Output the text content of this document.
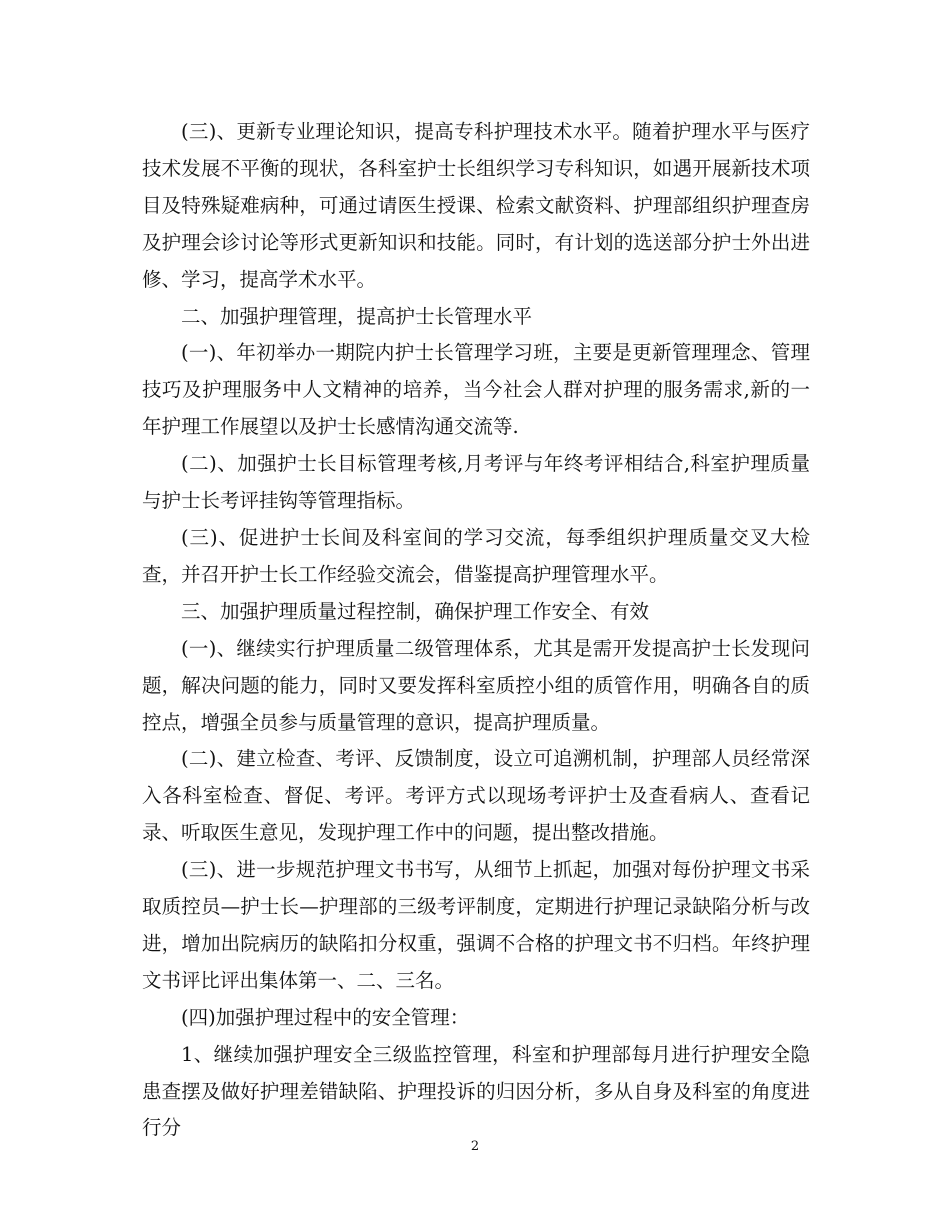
(三)、更新专业理论知识，提高专科护理技术水平。随着护理水平与医疗技术发展不平衡的现状，各科室护士长组织学习专科知识，如遇开展新技术项目及特殊疑难病种，可通过请医生授课、检索文献资料、护理部组织护理查房及护理会诊讨论等形式更新知识和技能。同时，有计划的选送部分护士外出进修、学习，提高学术水平。

二、加强护理管理，提高护士长管理水平

(一)、年初举办一期院内护士长管理学习班，主要是更新管理理念、管理技巧及护理服务中人文精神的培养，当今社会人群对护理的服务需求,新的一年护理工作展望以及护士长感情沟通交流等.

(二)、加强护士长目标管理考核,月考评与年终考评相结合,科室护理质量与护士长考评挂钩等管理指标。

(三)、促进护士长间及科室间的学习交流，每季组织护理质量交叉大检查，并召开护士长工作经验交流会，借鉴提高护理管理水平。

三、加强护理质量过程控制，确保护理工作安全、有效

(一)、继续实行护理质量二级管理体系，尤其是需开发提高护士长发现问题，解决问题的能力，同时又要发挥科室质控小组的质管作用，明确各自的质控点，增强全员参与质量管理的意识，提高护理质量。

(二)、建立检查、考评、反馈制度，设立可追溯机制，护理部人员经常深入各科室检查、督促、考评。考评方式以现场考评护士及查看病人、查看记录、听取医生意见，发现护理工作中的问题，提出整改措施。

(三)、进一步规范护理文书书写，从细节上抓起，加强对每份护理文书采取质控员—护士长—护理部的三级考评制度，定期进行护理记录缺陷分析与改进，增加出院病历的缺陷扣分权重，强调不合格的护理文书不归档。年终护理文书评比评出集体第一、二、三名。

(四)加强护理过程中的安全管理：

1、继续加强护理安全三级监控管理，科室和护理部每月进行护理安全隐患查摆及做好护理差错缺陷、护理投诉的归因分析，多从自身及科室的角度进行分

2
